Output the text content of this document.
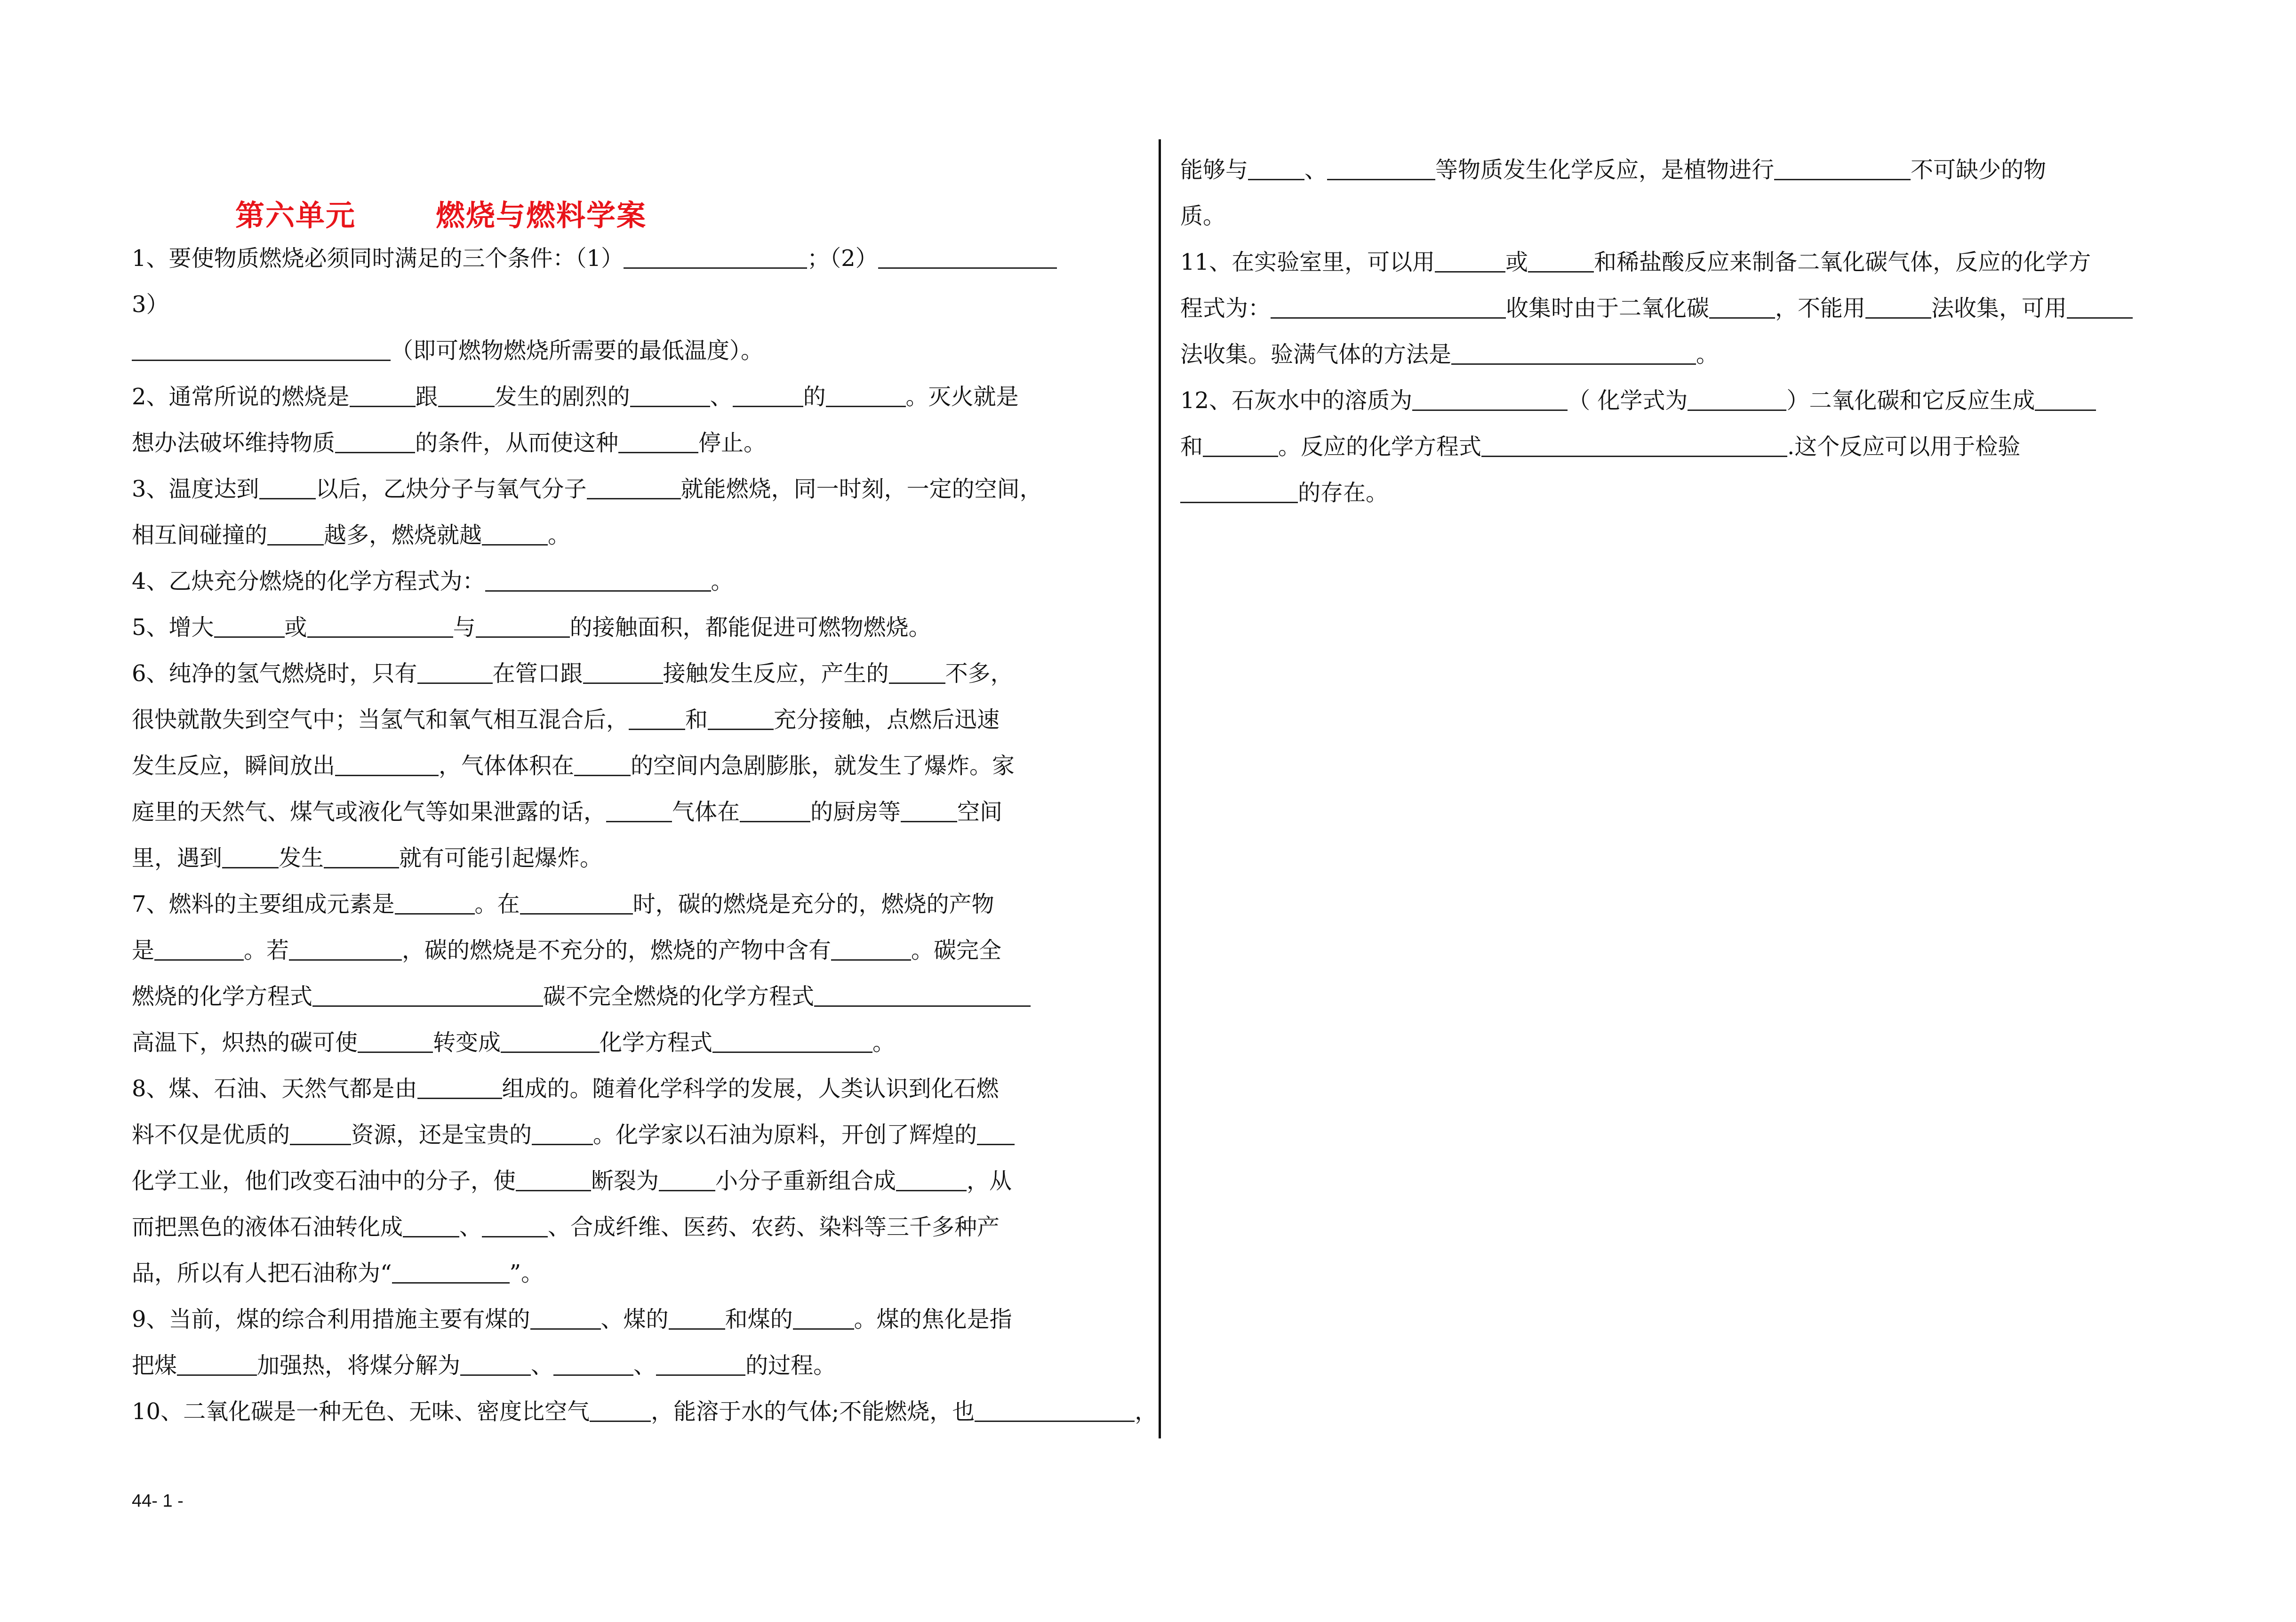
第六单元	燃烧与燃料学案
1、要使物质燃烧必须同时满足的三个条件：（1）	；（2）
3）
（即可燃物燃烧所需要的最低温度）。
2、通常所说的燃烧是	跟	发生的剧烈的	、	的	。灭火就是
想办法破坏维持物质	的条件，从而使这种	停止。
3、温度达到	以后，乙炔分子与氧气分子	就能燃烧，同一时刻，一定的空间，
相互间碰撞的	越多，燃烧就越	。
4、乙炔充分燃烧的化学方程式为：	。
5、增大	或	与	的接触面积，都能促进可燃物燃烧。
6、纯净的氢气燃烧时，只有	在管口跟	接触发生反应，产生的	不多，
很快就散失到空气中；当氢气和氧气相互混合后，	和	充分接触，点燃后迅速
发生反应，瞬间放出	，气体体积在	的空间内急剧膨胀，就发生了爆炸。家
庭里的天然气、煤气或液化气等如果泄露的话，	气体在	的厨房等	空间
里，遇到	发生	就有可能引起爆炸。
7、燃料的主要组成元素是	。在	时，碳的燃烧是充分的，燃烧的产物
是	。若	，碳的燃烧是不充分的，燃烧的产物中含有	。碳完全
燃烧的化学方程式	碳不完全燃烧的化学方程式
高温下，炽热的碳可使	转变成	化学方程式	。
8、煤、石油、天然气都是由	组成的。随着化学科学的发展，人类认识到化石燃
料不仅是优质的	资源，还是宝贵的	。化学家以石油为原料，开创了辉煌的
化学工业，他们改变石油中的分子，使	断裂为	小分子重新组合成	，从
而把黑色的液体石油转化成	、	、合成纤维、医药、农药、染料等三千多种产
品，所以有人把石油称为“	”。
9、当前，煤的综合利用措施主要有煤的	、煤的	和煤的	。煤的焦化是指
把煤	加强热，将煤分解为	、	、	的过程。
10、二氧化碳是一种无色、无味、密度比空气	，能溶于水的气体;不能燃烧，也	，
能够与	、	等物质发生化学反应，是植物进行	不可缺少的物
质。
11、在实验室里，可以用	或	和稀盐酸反应来制备二氧化碳气体，反应的化学方
程式为：	收集时由于二氧化碳	，不能用	法收集，可用
法收集。验满气体的方法是	。
12、石灰水中的溶质为	（ 化学式为	）二氧化碳和它反应生成
和	。反应的化学方程式	.这个反应可以用于检验
的存在。
44- 1 -
